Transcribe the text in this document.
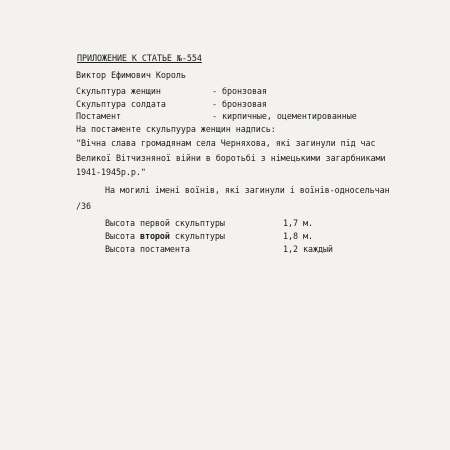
ПРИЛОЖЕНИЕ К СТАТЬЕ №-554
Виктор Ефимович Король
Скульптура женщин	- бронзовая
Скульптура солдата	- бронзовая
Постамент	- кирпичные, оцементированные
На постаменте скульпуура женщин надпись:
"Вічна слава громадянам села Черняхова, які загинули під час
Великої Вітчизняної війни в боротьбі з німецькими загарбниками
1941-1945р.р."
На могилі імені воїнів, які загинули і воїнів-односельчан
/36
Высота первой скульптуры	1,7 м.
Высота второй скульптуры	1,8 м.
Высота постамента	1,2 каждый
